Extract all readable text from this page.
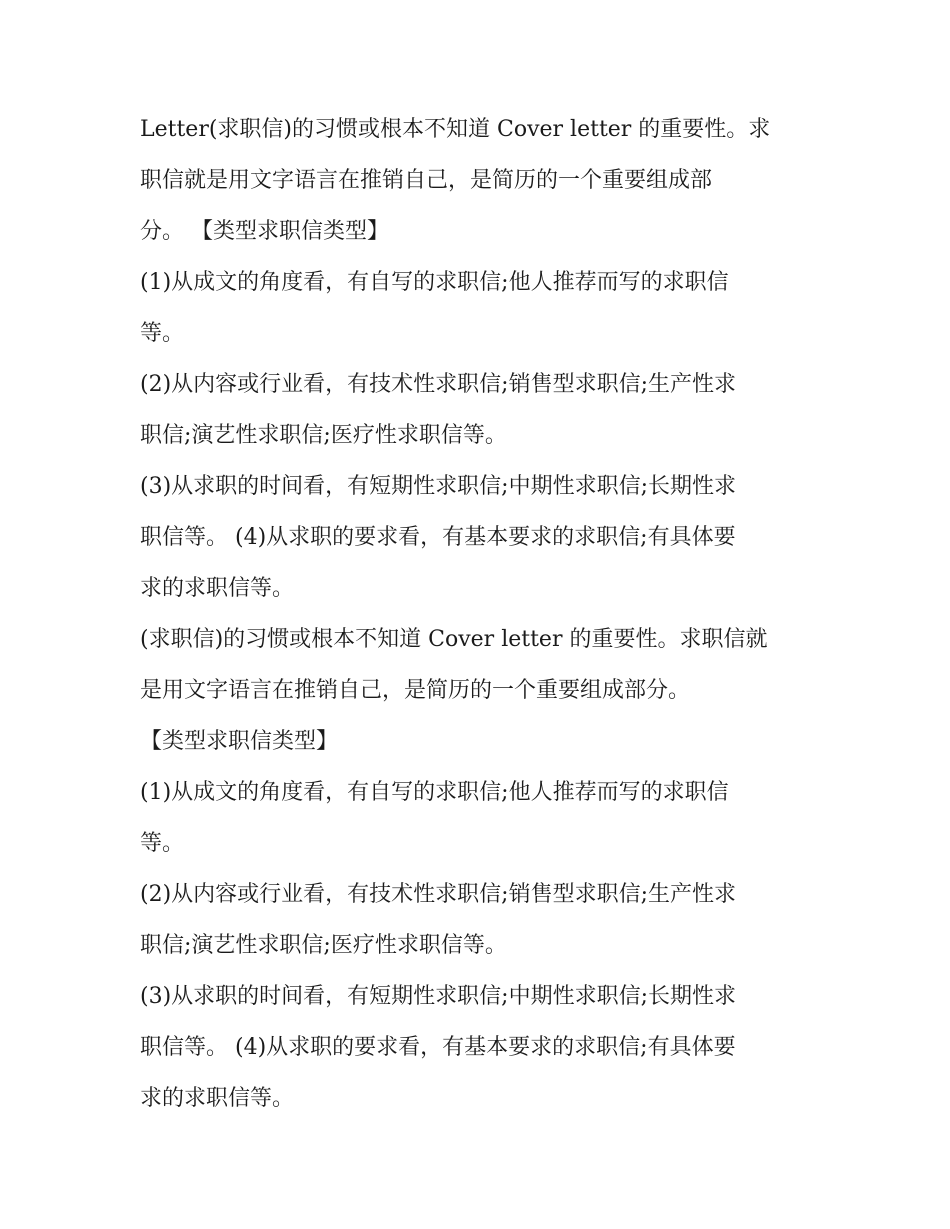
Letter(求职信)的习惯或根本不知道 Cover letter 的重要性。求
职信就是用文字语言在推销自己，是简历的一个重要组成部
分。 【类型求职信类型】
(1)从成文的角度看，有自写的求职信;他人推荐而写的求职信
等。
(2)从内容或行业看，有技术性求职信;销售型求职信;生产性求
职信;演艺性求职信;医疗性求职信等。
(3)从求职的时间看，有短期性求职信;中期性求职信;长期性求
职信等。 (4)从求职的要求看，有基本要求的求职信;有具体要
求的求职信等。
(求职信)的习惯或根本不知道 Cover letter 的重要性。求职信就
是用文字语言在推销自己，是简历的一个重要组成部分。
【类型求职信类型】
(1)从成文的角度看，有自写的求职信;他人推荐而写的求职信
等。
(2)从内容或行业看，有技术性求职信;销售型求职信;生产性求
职信;演艺性求职信;医疗性求职信等。
(3)从求职的时间看，有短期性求职信;中期性求职信;长期性求
职信等。 (4)从求职的要求看，有基本要求的求职信;有具体要
求的求职信等。
